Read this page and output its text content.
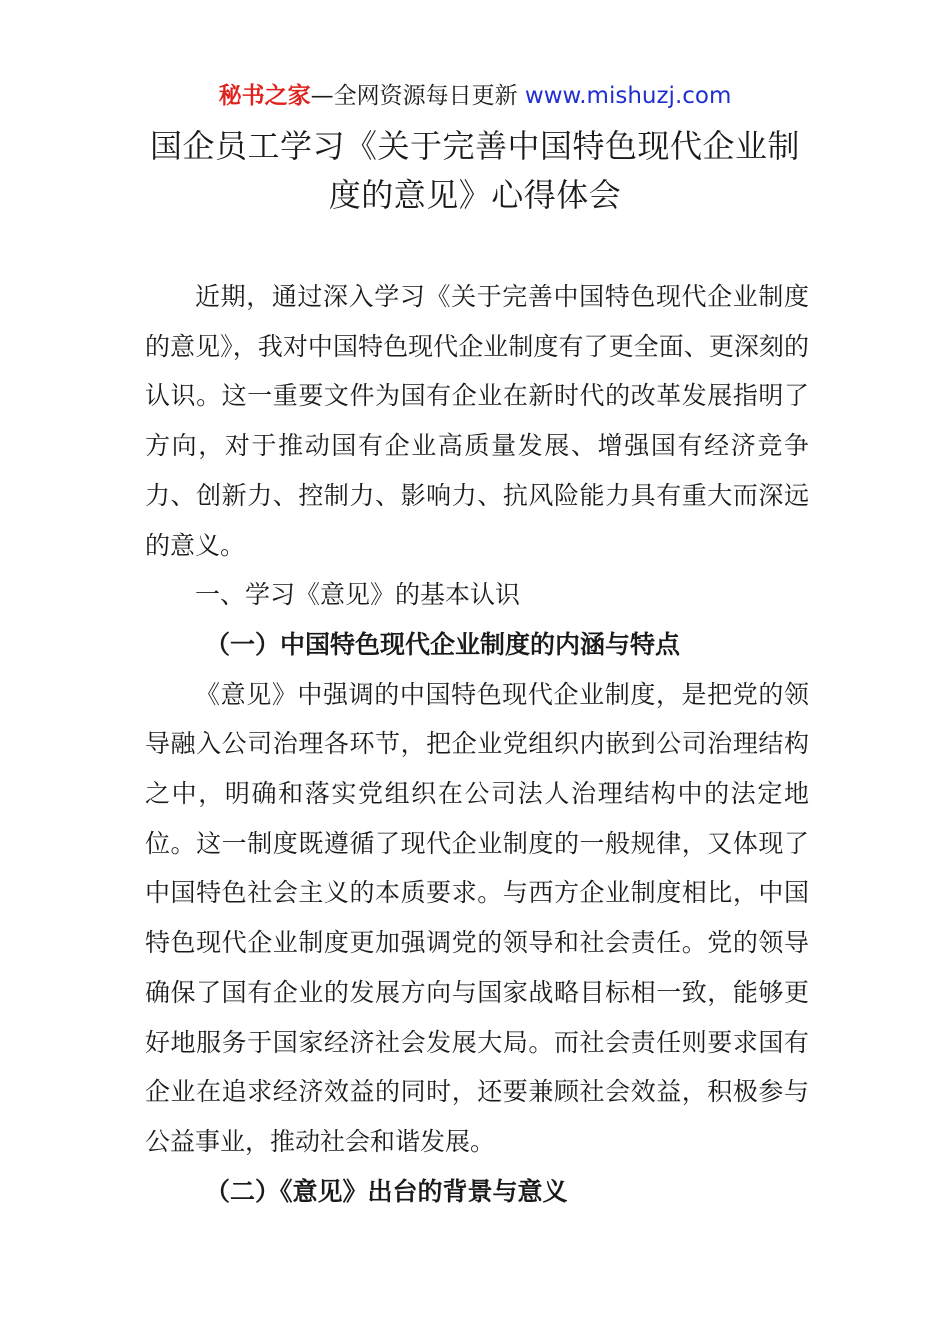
秘书之家—全网资源每日更新 www.mishuzj.com
国企员工学习《关于完善中国特色现代企业制度的意见》心得体会

近期，通过深入学习《关于完善中国特色现代企业制度的意见》，我对中国特色现代企业制度有了更全面、更深刻的认识。这一重要文件为国有企业在新时代的改革发展指明了方向，对于推动国有企业高质量发展、增强国有经济竞争力、创新力、控制力、影响力、抗风险能力具有重大而深远的意义。

一、学习《意见》的基本认识

（一）中国特色现代企业制度的内涵与特点

《意见》中强调的中国特色现代企业制度，是把党的领导融入公司治理各环节，把企业党组织内嵌到公司治理结构之中，明确和落实党组织在公司法人治理结构中的法定地位。这一制度既遵循了现代企业制度的一般规律，又体现了中国特色社会主义的本质要求。与西方企业制度相比，中国特色现代企业制度更加强调党的领导和社会责任。党的领导确保了国有企业的发展方向与国家战略目标相一致，能够更好地服务于国家经济社会发展大局。而社会责任则要求国有企业在追求经济效益的同时，还要兼顾社会效益，积极参与公益事业，推动社会和谐发展。

（二）《意见》出台的背景与意义
